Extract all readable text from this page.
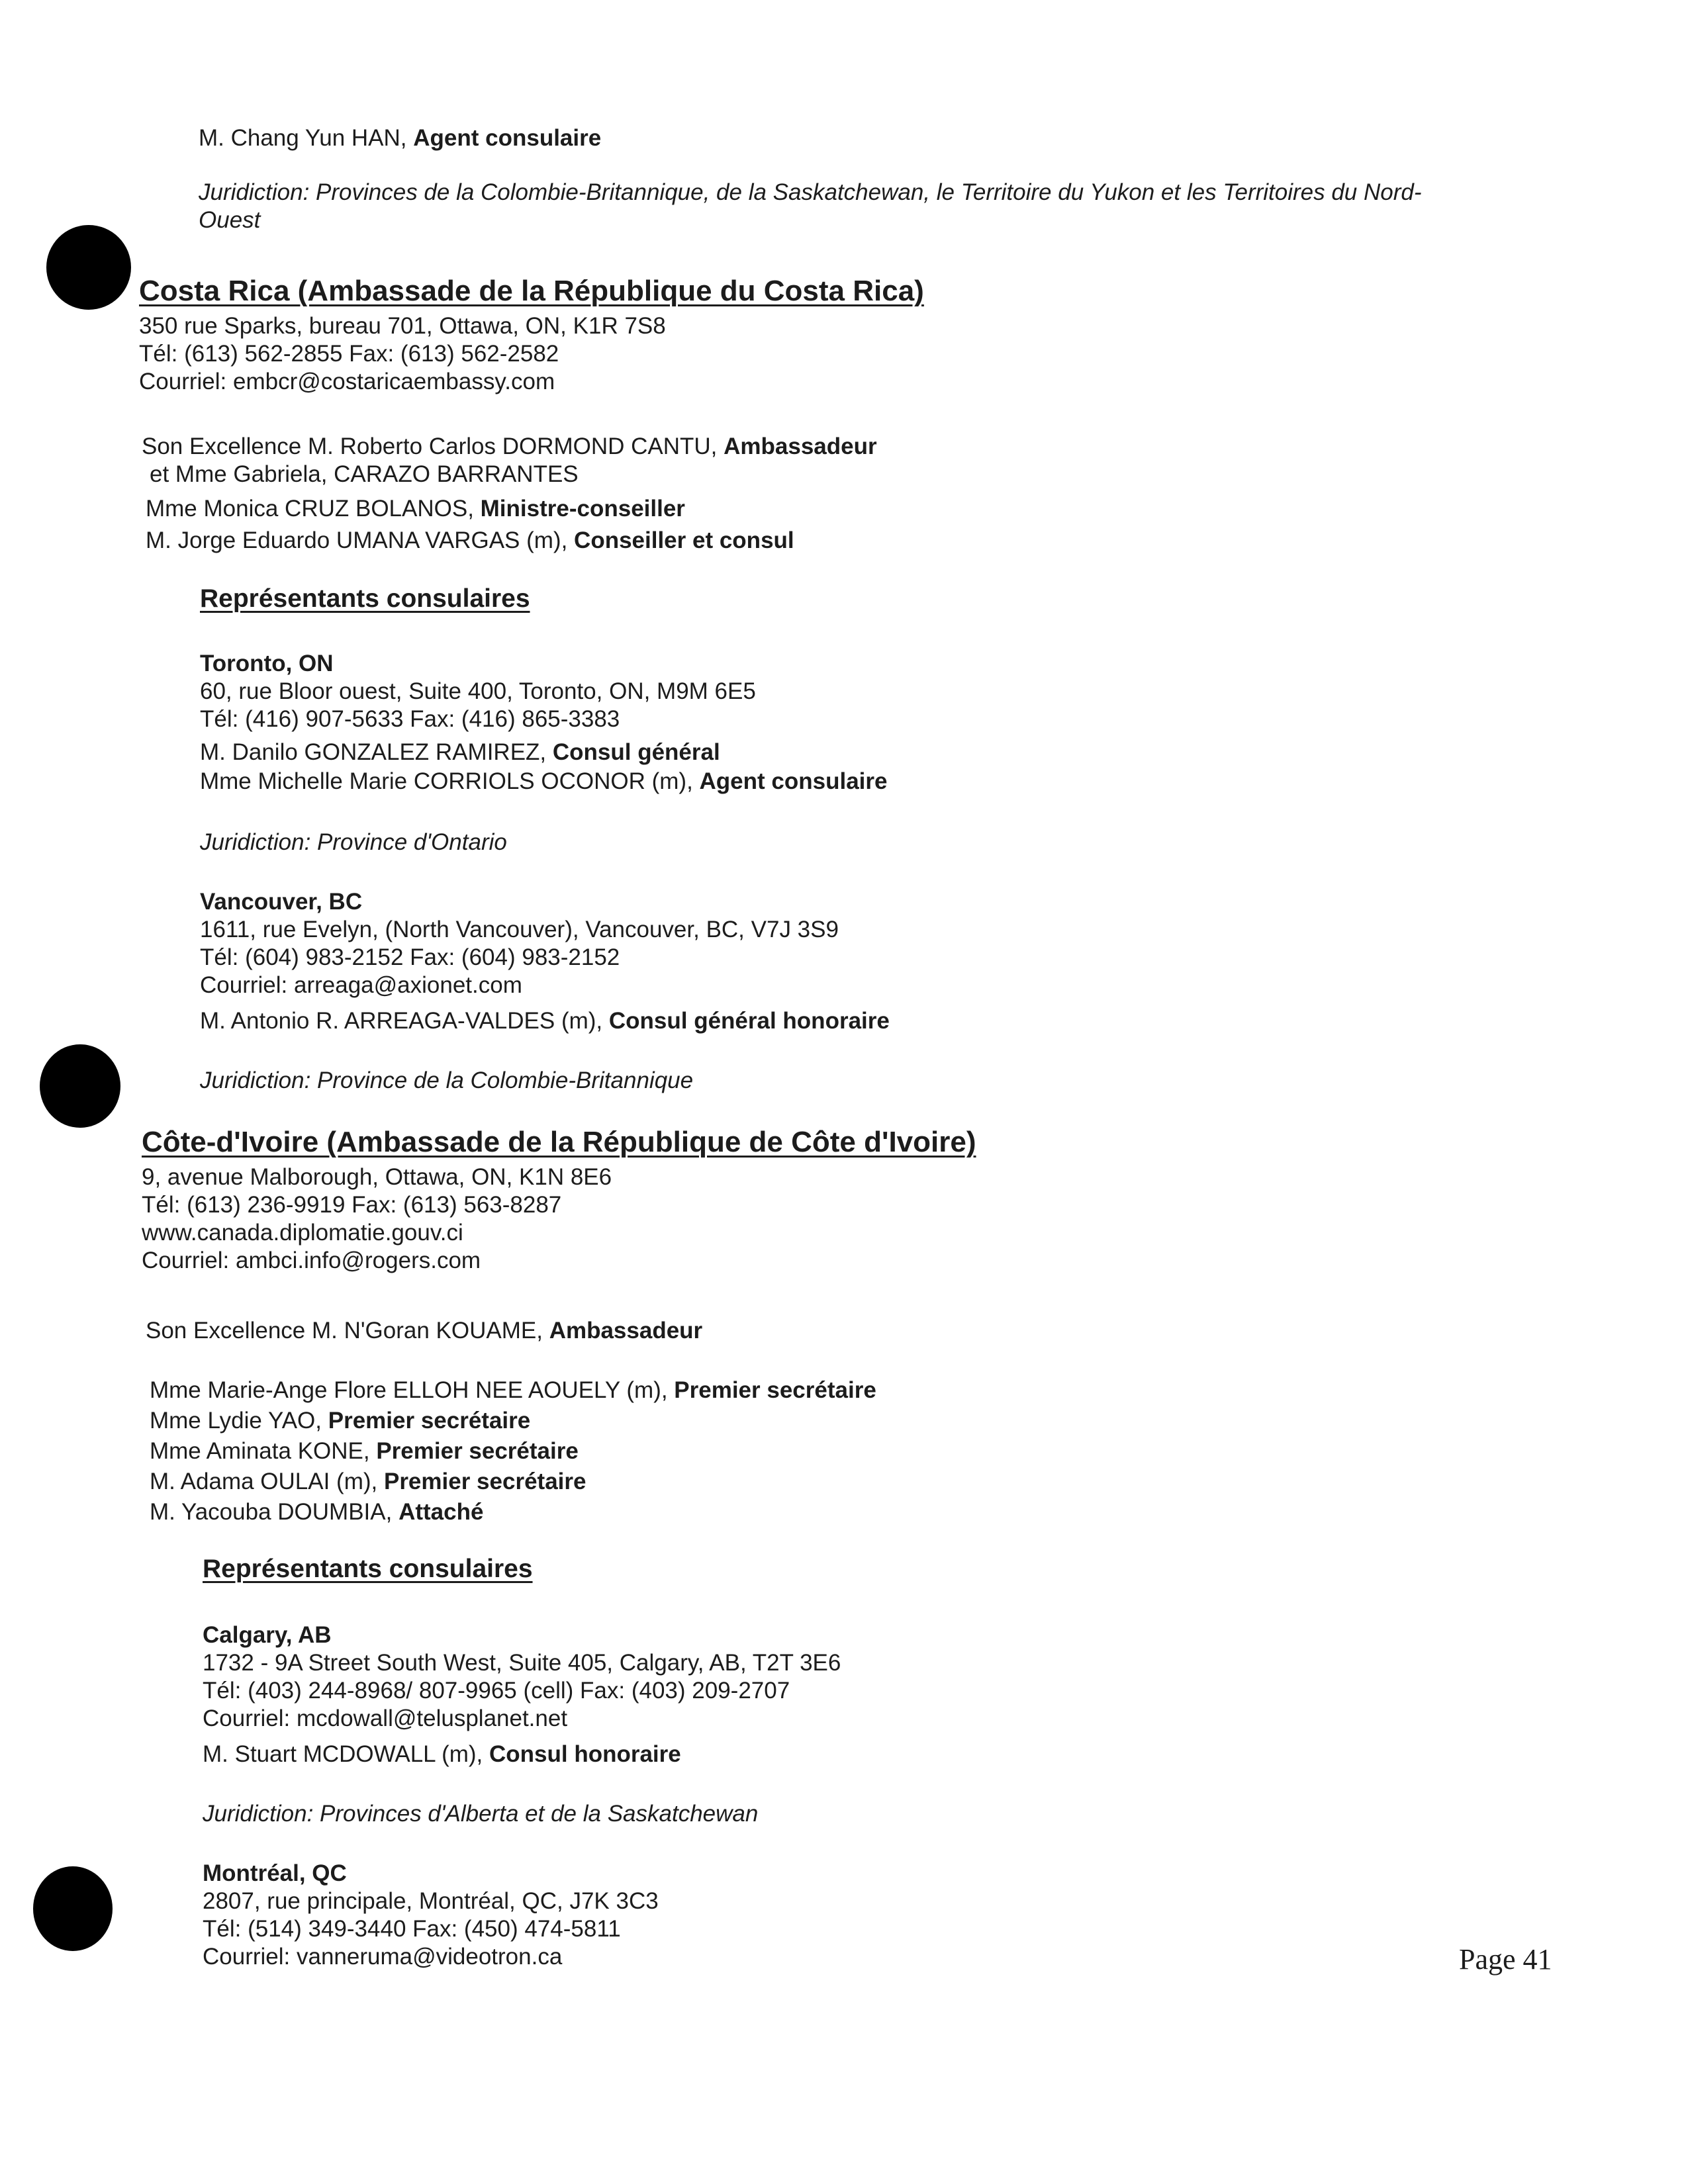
M. Chang Yun HAN, Agent consulaire
Juridiction: Provinces de la Colombie-Britannique, de la Saskatchewan, le Territoire du Yukon et les Territoires du Nord-
Ouest
Costa Rica (Ambassade de la République du Costa Rica)
350 rue Sparks, bureau 701, Ottawa, ON, K1R 7S8
Tél: (613) 562-2855 Fax: (613) 562-2582
Courriel: embcr@costaricaembassy.com
Son Excellence M. Roberto Carlos DORMOND CANTU, Ambassadeur
et Mme Gabriela, CARAZO BARRANTES
Mme Monica CRUZ BOLANOS, Ministre-conseiller
M. Jorge Eduardo UMANA VARGAS (m), Conseiller et consul
Représentants consulaires
Toronto, ON
60, rue Bloor ouest, Suite 400, Toronto, ON, M9M 6E5
Tél: (416) 907-5633 Fax: (416) 865-3383
M. Danilo GONZALEZ RAMIREZ, Consul général
Mme Michelle Marie CORRIOLS OCONOR (m), Agent consulaire
Juridiction: Province d'Ontario
Vancouver, BC
1611, rue Evelyn, (North Vancouver), Vancouver, BC, V7J 3S9
Tél: (604) 983-2152 Fax: (604) 983-2152
Courriel: arreaga@axionet.com
M. Antonio R. ARREAGA-VALDES (m), Consul général honoraire
Juridiction: Province de la Colombie-Britannique
Côte-d'Ivoire (Ambassade de la République de Côte d'Ivoire)
9, avenue Malborough, Ottawa, ON, K1N 8E6
Tél: (613) 236-9919 Fax: (613) 563-8287
www.canada.diplomatie.gouv.ci
Courriel: ambci.info@rogers.com
Son Excellence M. N'Goran KOUAME, Ambassadeur
Mme Marie-Ange Flore ELLOH NEE AOUELY (m), Premier secrétaire
Mme Lydie YAO, Premier secrétaire
Mme Aminata KONE, Premier secrétaire
M. Adama OULAI (m), Premier secrétaire
M. Yacouba DOUMBIA, Attaché
Représentants consulaires
Calgary, AB
1732 - 9A Street South West, Suite 405, Calgary, AB, T2T 3E6
Tél: (403) 244-8968/ 807-9965 (cell) Fax: (403) 209-2707
Courriel: mcdowall@telusplanet.net
M. Stuart MCDOWALL (m), Consul honoraire
Juridiction: Provinces d'Alberta et de la Saskatchewan
Montréal, QC
2807, rue principale, Montréal, QC, J7K 3C3
Tél: (514) 349-3440 Fax: (450) 474-5811
Courriel: vanneruma@videotron.ca	Page 41
